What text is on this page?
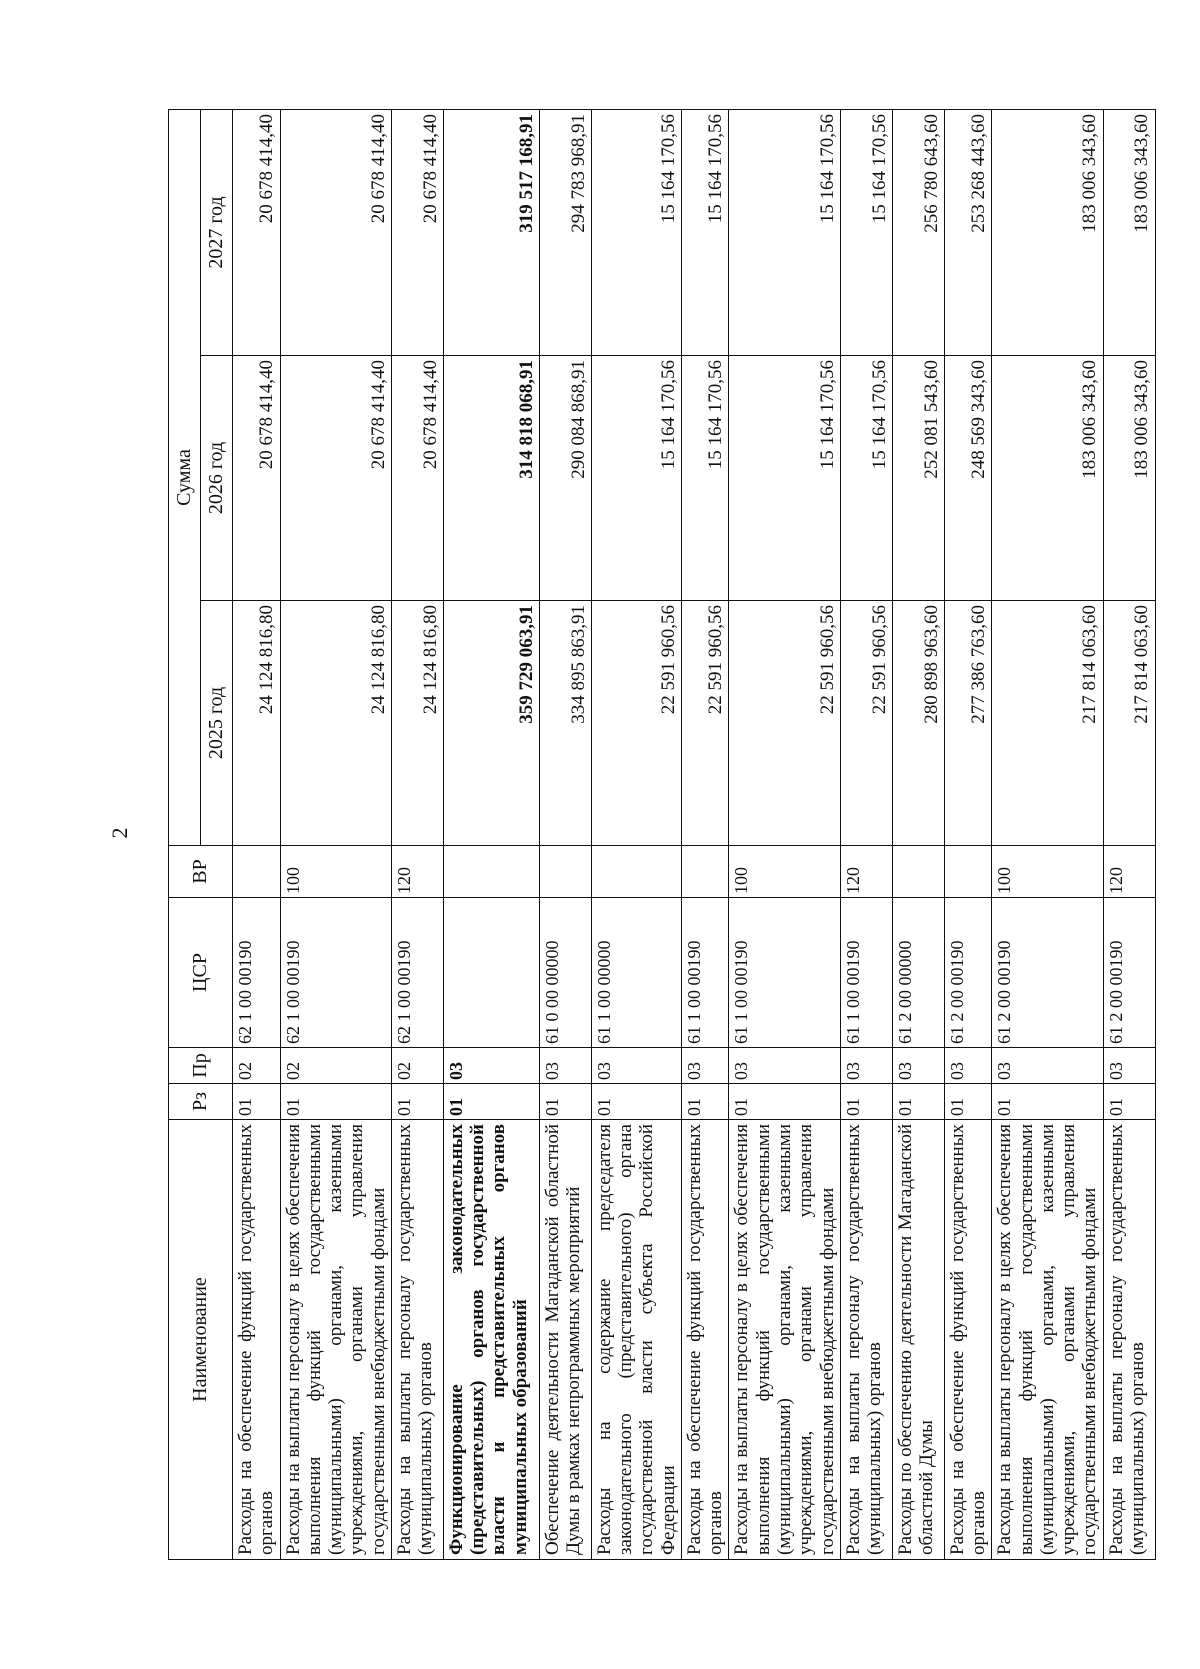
2
Наименование	Рз	Пр	ЦСР	ВР	Сумма		
					2025 год	2026 год	2027 год
Расходы на обеспечение функций государственных органов	01	02	62 1 00 00190		24 124 816,80	20 678 414,40	20 678 414,40
Расходы на выплаты персоналу в целях обеспечения выполнения функций государственными (муниципальными) органами, казенными учреждениями, органами управления государственными внебюджетными фондами	01	02	62 1 00 00190	100	24 124 816,80	20 678 414,40	20 678 414,40
Расходы на выплаты персоналу государственных (муниципальных) органов	01	02	62 1 00 00190	120	24 124 816,80	20 678 414,40	20 678 414,40
Функционирование законодательных (представительных) органов государственной власти и представительных органов муниципальных образований	01	03			359 729 063,91	314 818 068,91	319 517 168,91
Обеспечение деятельности Магаданской областной Думы в рамках непрограммных мероприятий	01	03	61 0 00 00000		334 895 863,91	290 084 868,91	294 783 968,91
Расходы на содержание председателя законодательного (представительного) органа государственной власти субъекта Российской Федерации	01	03	61 1 00 00000		22 591 960,56	15 164 170,56	15 164 170,56
Расходы на обеспечение функций государственных органов	01	03	61 1 00 00190		22 591 960,56	15 164 170,56	15 164 170,56
Расходы на выплаты персоналу в целях обеспечения выполнения функций государственными (муниципальными) органами, казенными учреждениями, органами управления государственными внебюджетными фондами	01	03	61 1 00 00190	100	22 591 960,56	15 164 170,56	15 164 170,56
Расходы на выплаты персоналу государственных (муниципальных) органов	01	03	61 1 00 00190	120	22 591 960,56	15 164 170,56	15 164 170,56
Расходы по обеспечению деятельности Магаданской областной Думы	01	03	61 2 00 00000		280 898 963,60	252 081 543,60	256 780 643,60
Расходы на обеспечение функций государственных органов	01	03	61 2 00 00190		277 386 763,60	248 569 343,60	253 268 443,60
Расходы на выплаты персоналу в целях обеспечения выполнения функций государственными (муниципальными) органами, казенными учреждениями, органами управления государственными внебюджетными фондами	01	03	61 2 00 00190	100	217 814 063,60	183 006 343,60	183 006 343,60
Расходы на выплаты персоналу государственных (муниципальных) органов	01	03	61 2 00 00190	120	217 814 063,60	183 006 343,60	183 006 343,60
